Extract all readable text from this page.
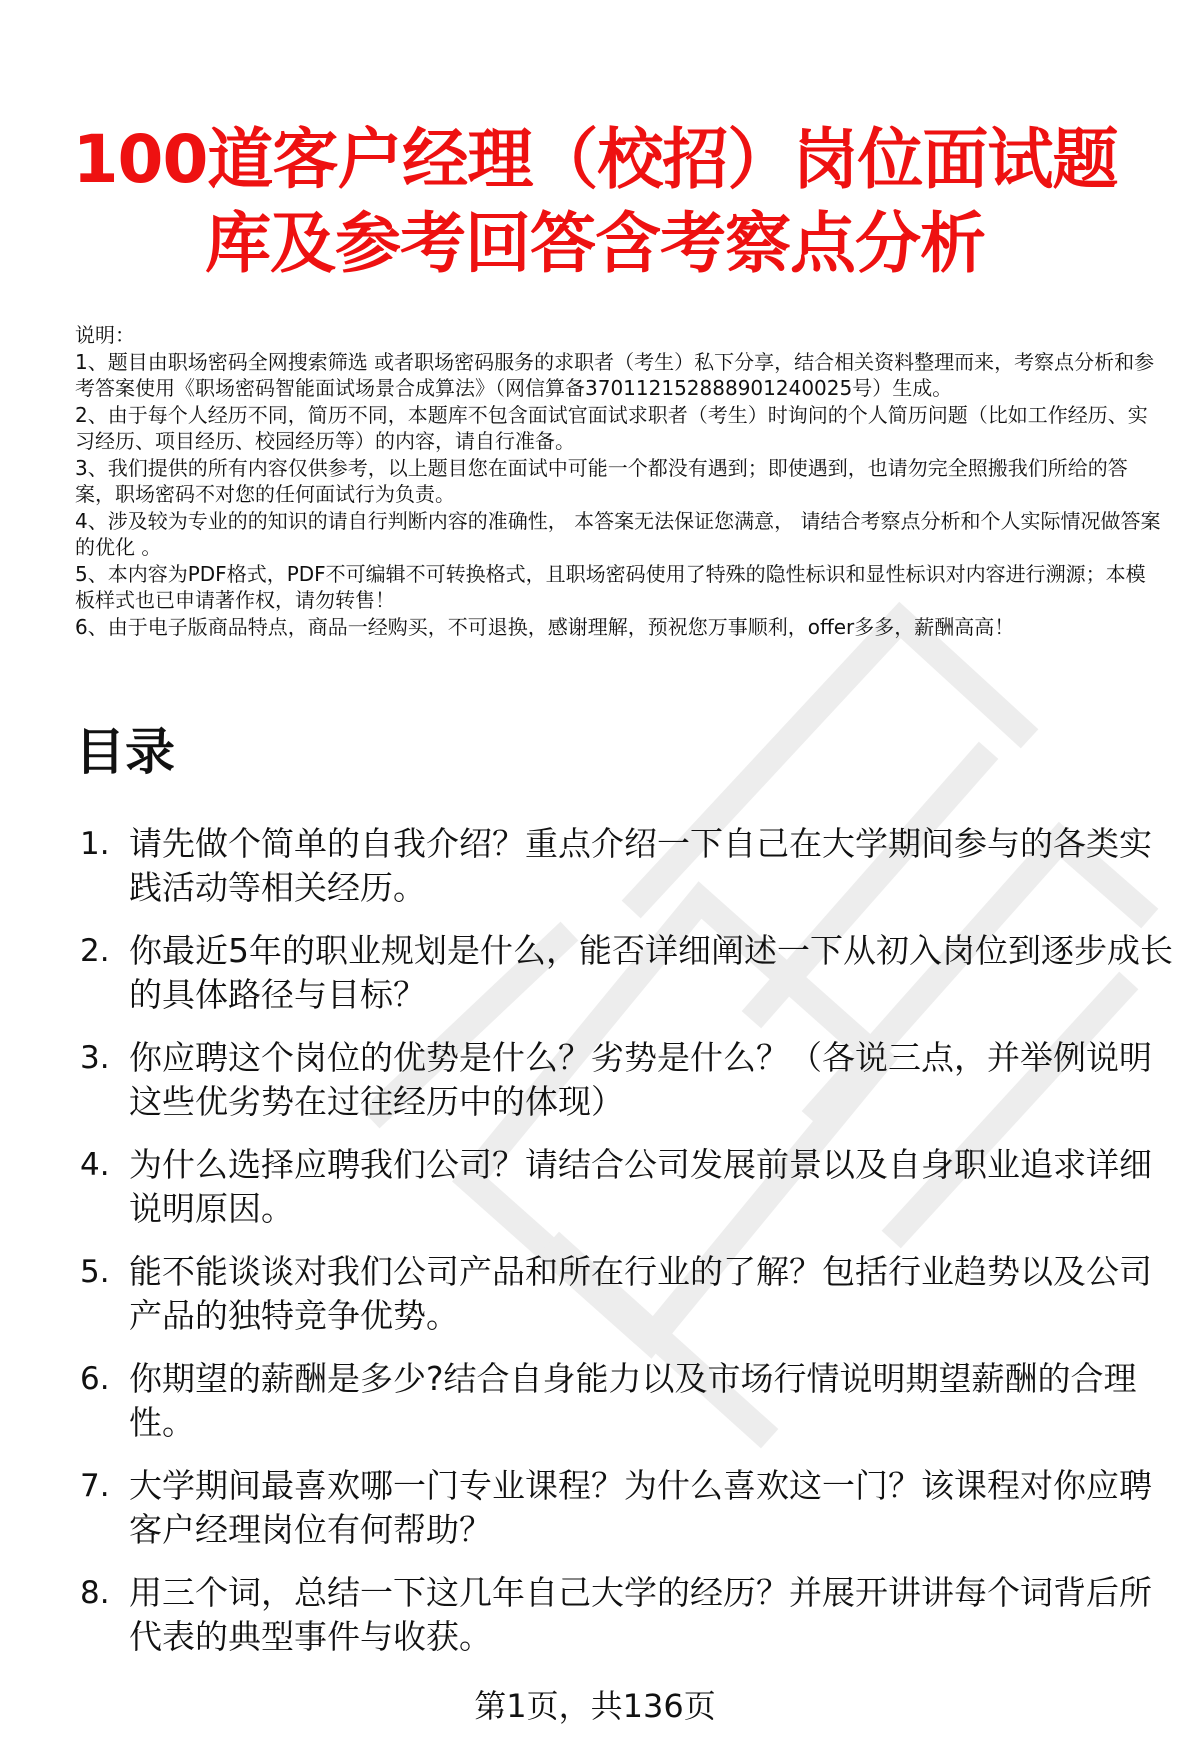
100道客户经理（校招）岗位面试题
库及参考回答含考察点分析

说明：

1、题目由职场密码全网搜索筛选 或者职场密码服务的求职者（考生）私下分享，结合相关资料整理而来，考察点分析和参考答案使用《职场密码智能面试场景合成算法》（网信算备370112152888901240025号）生成。

2、由于每个人经历不同，简历不同，本题库不包含面试官面试求职者（考生）时询问的个人简历问题（比如工作经历、实习经历、项目经历、校园经历等）的内容，请自行准备。

3、我们提供的所有内容仅供参考，以上题目您在面试中可能一个都没有遇到；即使遇到，也请勿完全照搬我们所给的答案，职场密码不对您的任何面试行为负责。

4、涉及较为专业的的知识的请自行判断内容的准确性， 本答案无法保证您满意， 请结合考察点分析和个人实际情况做答案的优化 。

5、本内容为PDF格式，PDF不可编辑不可转换格式，且职场密码使用了特殊的隐性标识和显性标识对内容进行溯源；本模板样式也已申请著作权，请勿转售！

6、由于电子版商品特点，商品一经购买，不可退换，感谢理解，预祝您万事顺利，offer多多，薪酬高高！

目录
1. 请先做个简单的自我介绍？重点介绍一下自己在大学期间参与的各类实践活动等相关经历。
2. 你最近5年的职业规划是什么，能否详细阐述一下从初入岗位到逐步成长的具体路径与目标？
3. 你应聘这个岗位的优势是什么？劣势是什么？（各说三点，并举例说明这些优劣势在过往经历中的体现）
4. 为什么选择应聘我们公司？请结合公司发展前景以及自身职业追求详细说明原因。
5. 能不能谈谈对我们公司产品和所在行业的了解？包括行业趋势以及公司产品的独特竞争优势。
6. 你期望的薪酬是多少?结合自身能力以及市场行情说明期望薪酬的合理性。
7. 大学期间最喜欢哪一门专业课程？为什么喜欢这一门？该课程对你应聘客户经理岗位有何帮助？
8. 用三个词，总结一下这几年自己大学的经历？并展开讲讲每个词背后所代表的典型事件与收获。
第1页，共136页
